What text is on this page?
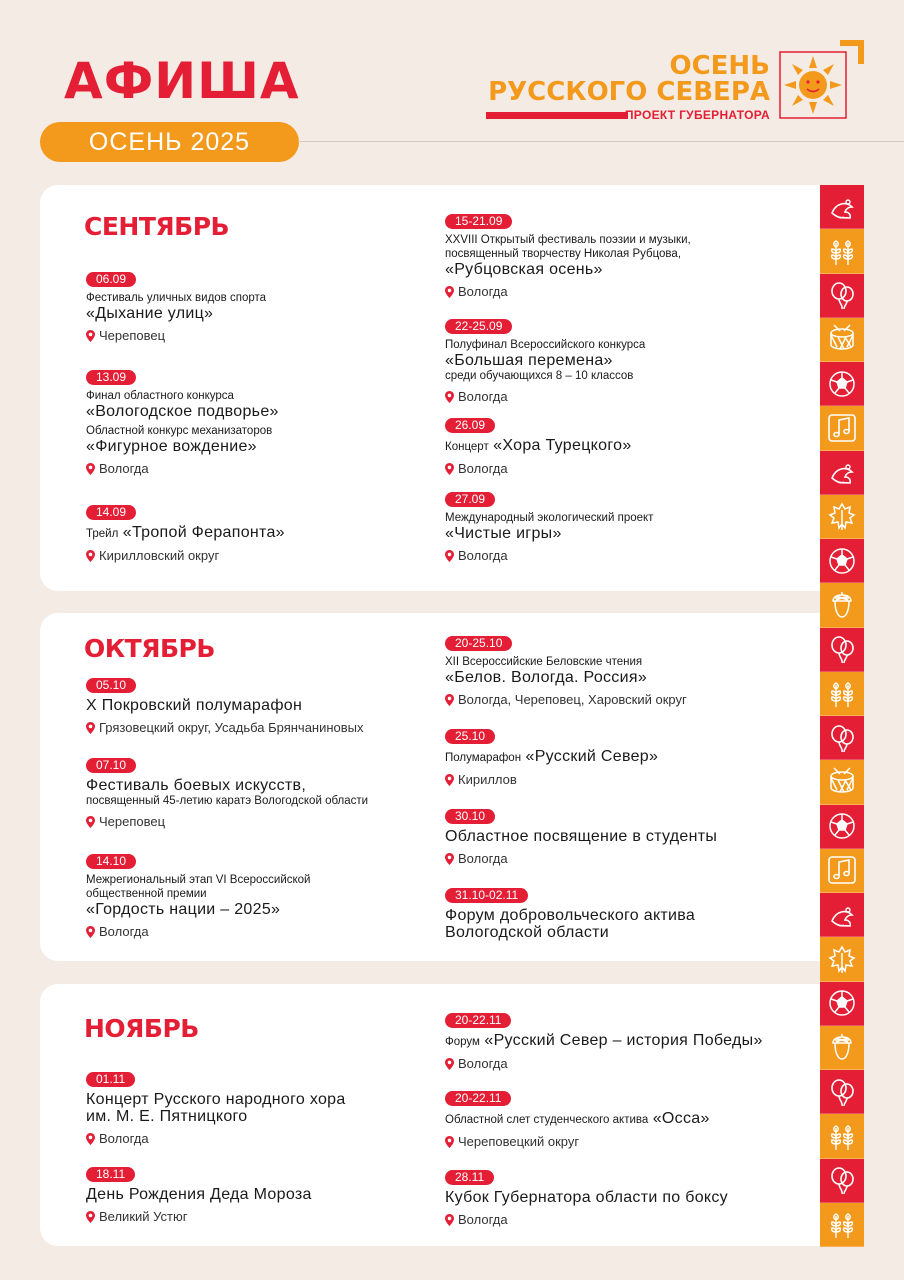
АФИША
ОСЕНЬ 2025
ОСЕНЬ
РУССКОГО СЕВЕРА
ПРОЕКТ ГУБЕРНАТОРА
СЕНТЯБРЬ
06.09
Фестиваль уличных видов спорта
«Дыхание улиц»
Череповец
13.09
Финал областного конкурса
«Вологодское подворье»
Областной конкурс механизаторов
«Фигурное вождение»
Вологда
14.09
Трейл «Тропой Ферапонта»
Кирилловский округ
15-21.09
XXVIII Открытый фестиваль поэзии и музыки,
посвященный творчеству Николая Рубцова,
«Рубцовская осень»
Вологда
22-25.09
Полуфинал Всероссийского конкурса
«Большая перемена»
среди обучающихся 8 – 10 классов
Вологда
26.09
Концерт «Хора Турецкого»
Вологда
27.09
Международный экологический проект
«Чистые игры»
Вологда
ОКТЯБРЬ
05.10
X Покровский полумарафон
Грязовецкий округ, Усадьба Брянчаниновых
07.10
Фестиваль боевых искусств,
посвященный 45-летию каратэ Вологодской области
Череповец
14.10
Межрегиональный этап VI Всероссийской
общественной премии
«Гордость нации – 2025»
Вологда
20-25.10
XII Всероссийские Беловские чтения
«Белов. Вологда. Россия»
Вологда, Череповец, Харовский округ
25.10
Полумарафон «Русский Север»
Кириллов
30.10
Областное посвящение в студенты
Вологда
31.10-02.11
Форум добровольческого актива
Вологодской области
НОЯБРЬ
01.11
Концерт Русского народного хора
им. М. Е. Пятницкого
Вологда
18.11
День Рождения Деда Мороза
Великий Устюг
20-22.11
Форум «Русский Север – история Победы»
Вологда
20-22.11
Областной слет студенческого актива «Осса»
Череповецкий округ
28.11
Кубок Губернатора области по боксу
Вологда
